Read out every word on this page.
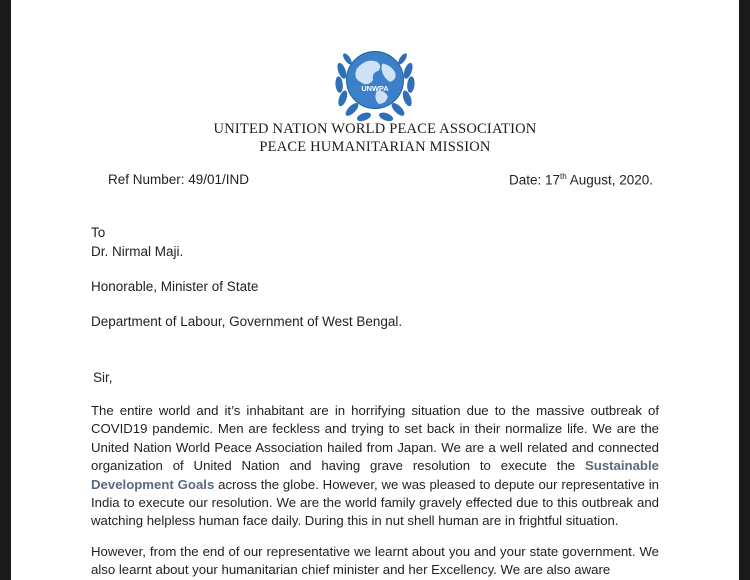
UNWPA
UNITED NATION WORLD PEACE ASSOCIATION
PEACE HUMANITARIAN MISSION
Ref Number: 49/01/IND	Date: 17th August, 2020.
To
Dr. Nirmal Maji.
Honorable, Minister of State
Department of Labour, Government of West Bengal.
Sir,
The entire world and it’s inhabitant are in horrifying situation due to the massive outbreak of COVID19 pandemic. Men are feckless and trying to set back in their normalize life. We are the United Nation World Peace Association hailed from Japan. We are a well related and connected organization of United Nation and having grave resolution to execute the Sustainable Development Goals across the globe. However, we was pleased to depute our representative in India to execute our resolution. We are the world family gravely effected due to this outbreak and watching helpless human face daily. During this in nut shell human are in frightful situation.
However, from the end of our representative we learnt about you and your state government. We also learnt about your humanitarian chief minister and her Excellency. We are also aware
